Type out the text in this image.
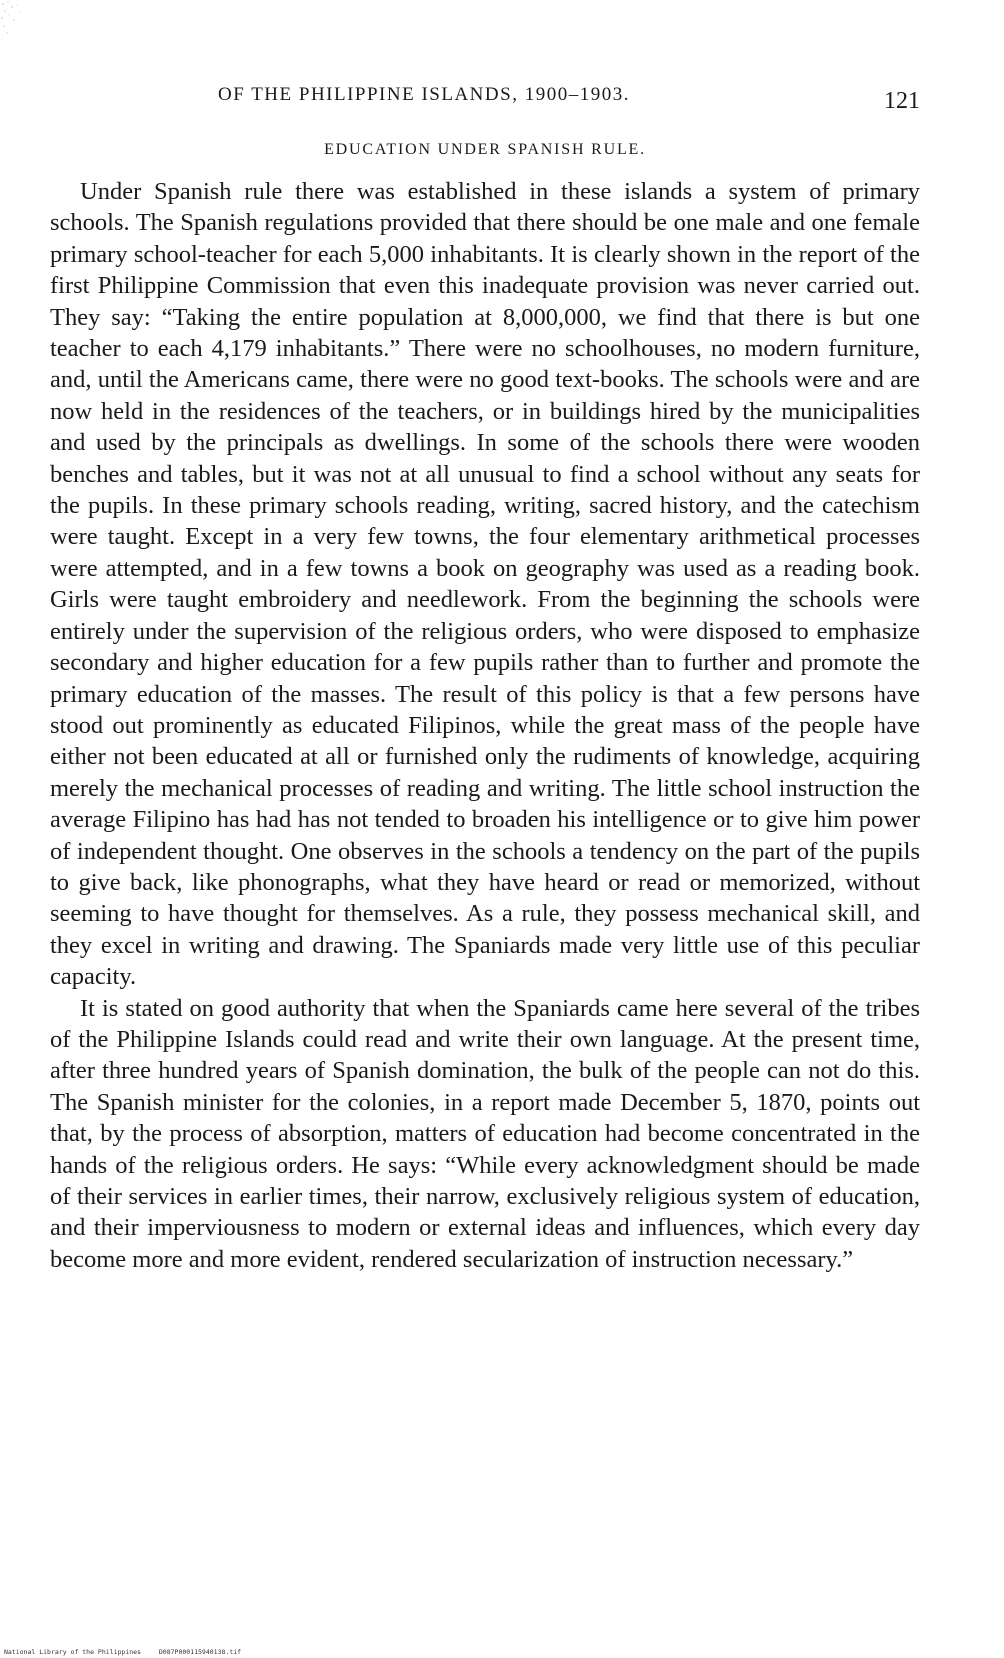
OF THE PHILIPPINE ISLANDS, 1900–1903.	121
EDUCATION UNDER SPANISH RULE.

Under Spanish rule there was established in these islands a system of primary schools. The Spanish regulations provided that there should be one male and one female primary school-teacher for each 5,000 inhabitants. It is clearly shown in the report of the first Philippine Commission that even this inadequate provision was never carried out. They say: “Taking the entire population at 8,000,000, we find that there is but one teacher to each 4,179 inhabitants.” There were no schoolhouses, no modern furniture, and, until the Americans came, there were no good text-books. The schools were and are now held in the residences of the teachers, or in buildings hired by the municipalities and used by the principals as dwellings. In some of the schools there were wooden benches and tables, but it was not at all unusual to find a school without any seats for the pupils. In these primary schools reading, writing, sacred history, and the catechism were taught. Except in a very few towns, the four elementary arithmetical processes were attempted, and in a few towns a book on geography was used as a reading book. Girls were taught embroidery and needlework. From the beginning the schools were entirely under the supervision of the religious orders, who were disposed to emphasize secondary and higher education for a few pupils rather than to further and promote the primary education of the masses. The result of this policy is that a few persons have stood out prominently as educated Filipinos, while the great mass of the people have either not been educated at all or furnished only the rudiments of knowledge, acquiring merely the mechanical processes of reading and writing. The little school instruction the average Filipino has had has not tended to broaden his intelligence or to give him power of independent thought. One observes in the schools a tendency on the part of the pupils to give back, like phonographs, what they have heard or read or memorized, without seeming to have thought for themselves. As a rule, they possess mechanical skill, and they excel in writing and drawing. The Spaniards made very little use of this peculiar capacity.

It is stated on good authority that when the Spaniards came here several of the tribes of the Philippine Islands could read and write their own language. At the present time, after three hundred years of Spanish domination, the bulk of the people can not do this. The Spanish minister for the colonies, in a report made December 5, 1870, points out that, by the process of absorption, matters of education had become concentrated in the hands of the religious orders. He says: “While every acknowledgment should be made of their services in earlier times, their narrow, exclusively religious system of education, and their imperviousness to modern or external ideas and influences, which every day become more and more evident, rendered secularization of instruction necessary.”

National Library of the Philippines	D087P000115940138.tif
